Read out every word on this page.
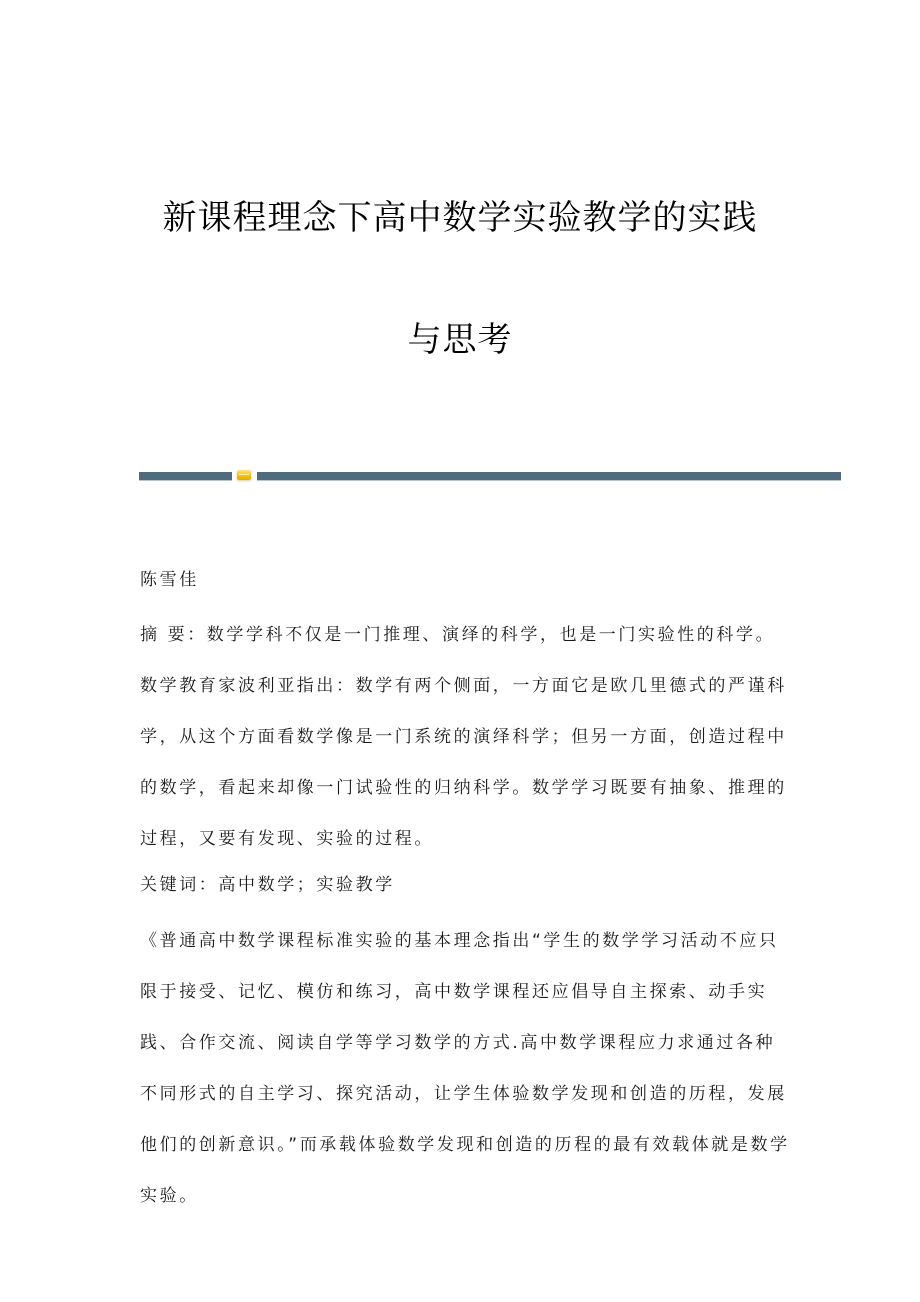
新课程理念下高中数学实验教学的实践
与思考

陈雪佳

摘 要：数学学科不仅是一门推理、演绎的科学，也是一门实验性的科学。数学教育家波利亚指出：数学有两个侧面，一方面它是欧几里德式的严谨科学，从这个方面看数学像是一门系统的演绎科学；但另一方面，创造过程中的数学，看起来却像一门试验性的归纳科学。数学学习既要有抽象、推理的过程，又要有发现、实验的过程。

关键词：高中数学；实验教学

《普通高中数学课程标准实验的基本理念指出“学生的数学学习活动不应只限于接受、记忆、模仿和练习，高中数学课程还应倡导自主探索、动手实践、合作交流、阅读自学等学习数学的方式.高中数学课程应力求通过各种不同形式的自主学习、探究活动，让学生体验数学发现和创造的历程，发展他们的创新意识。”而承载体验数学发现和创造的历程的最有效载体就是数学实验。
